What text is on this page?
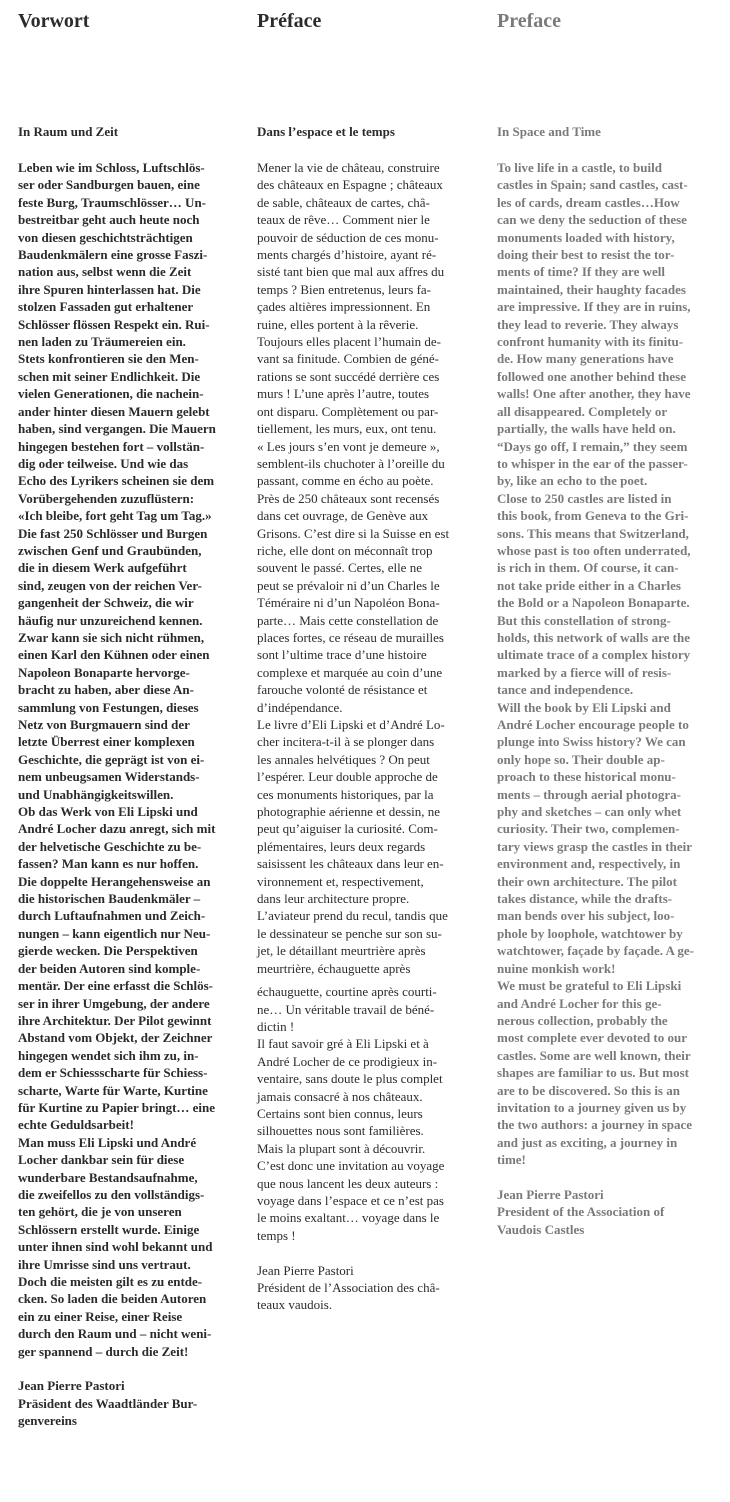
Vorwort
In Raum und Zeit
Leben wie im Schloss, Luftschlös-
ser oder Sandburgen bauen, eine
feste Burg, Traumschlösser… Un-
bestreitbar geht auch heute noch
von diesen geschichtsträchtigen
Baudenkmälern eine grosse Faszi-
nation aus, selbst wenn die Zeit
ihre Spuren hinterlassen hat. Die
stolzen Fassaden gut erhaltener
Schlösser flössen Respekt ein. Rui-
nen laden zu Träumereien ein.
Stets konfrontieren sie den Men-
schen mit seiner Endlichkeit. Die
vielen Generationen, die nachein-
ander hinter diesen Mauern gelebt
haben, sind vergangen. Die Mauern
hingegen bestehen fort – vollstän-
dig oder teilweise. Und wie das
Echo des Lyrikers scheinen sie dem
Vorübergehenden zuzuflüstern:
«Ich bleibe, fort geht Tag um Tag.»
Die fast 250 Schlösser und Burgen
zwischen Genf und Graubünden,
die in diesem Werk aufgeführt
sind, zeugen von der reichen Ver-
gangenheit der Schweiz, die wir
häufig nur unzureichend kennen.
Zwar kann sie sich nicht rühmen,
einen Karl den Kühnen oder einen
Napoleon Bonaparte hervorge-
bracht zu haben, aber diese An-
sammlung von Festungen, dieses
Netz von Burgmauern sind der
letzte Überrest einer komplexen
Geschichte, die geprägt ist von ei-
nem unbeugsamen Widerstands-
und Unabhängigkeitswillen.
Ob das Werk von Eli Lipski und
André Locher dazu anregt, sich mit
der helvetische Geschichte zu be-
fassen? Man kann es nur hoffen.
Die doppelte Herangehensweise an
die historischen Baudenkmäler –
durch Luftaufnahmen und Zeich-
nungen – kann eigentlich nur Neu-
gierde wecken. Die Perspektiven
der beiden Autoren sind komple-
mentär. Der eine erfasst die Schlös-
ser in ihrer Umgebung, der andere
ihre Architektur. Der Pilot gewinnt
Abstand vom Objekt, der Zeichner
hingegen wendet sich ihm zu, in-
dem er Schiessscharte für Schiess-
scharte, Warte für Warte, Kurtine
für Kurtine zu Papier bringt… eine
echte Geduldsarbeit!
Man muss Eli Lipski und André
Locher dankbar sein für diese
wunderbare Bestandsaufnahme,
die zweifellos zu den vollständigs-
ten gehört, die je von unseren
Schlössern erstellt wurde. Einige
unter ihnen sind wohl bekannt und
ihre Umrisse sind uns vertraut.
Doch die meisten gilt es zu entde-
cken. So laden die beiden Autoren
ein zu einer Reise, einer Reise
durch den Raum und – nicht weni-
ger spannend – durch die Zeit!
Jean Pierre Pastori
Präsident des Waadtländer Bur-
genvereins
Préface
Dans l’espace et le temps
Mener la vie de château, construire
des châteaux en Espagne ; châteaux
de sable, châteaux de cartes, châ-
teaux de rêve… Comment nier le
pouvoir de séduction de ces monu-
ments chargés d’histoire, ayant ré-
sisté tant bien que mal aux affres du
temps ? Bien entretenus, leurs fa-
çades altières impressionnent. En
ruine, elles portent à la rêverie.
Toujours elles placent l’humain de-
vant sa finitude. Combien de géné-
rations se sont succédé derrière ces
murs ! L’une après l’autre, toutes
ont disparu. Complètement ou par-
tiellement, les murs, eux, ont tenu.
« Les jours s’en vont je demeure »,
semblent-ils chuchoter à l’oreille du
passant, comme en écho au poète.
Près de 250 châteaux sont recensés
dans cet ouvrage, de Genève aux
Grisons. C’est dire si la Suisse en est
riche, elle dont on méconnaît trop
souvent le passé. Certes, elle ne
peut se prévaloir ni d’un Charles le
Téméraire ni d’un Napoléon Bona-
parte… Mais cette constellation de
places fortes, ce réseau de murailles
sont l’ultime trace d’une histoire
complexe et marquée au coin d’une
farouche volonté de résistance et
d’indépendance.
Le livre d’Eli Lipski et d’André Lo-
cher incitera-t-il à se plonger dans
les annales helvétiques ? On peut
l’espérer. Leur double approche de
ces monuments historiques, par la
photographie aérienne et dessin, ne
peut qu’aiguiser la curiosité. Com-
plémentaires, leurs deux regards
saisissent les châteaux dans leur en-
vironnement et, respectivement,
dans leur architecture propre.
L’aviateur prend du recul, tandis que
le dessinateur se penche sur son su-
jet, le détaillant meurtrière après
meurtrière, échauguette après
échauguette, courtine après courti-
ne… Un véritable travail de béné-
dictin !
Il faut savoir gré à Eli Lipski et à
André Locher de ce prodigieux in-
ventaire, sans doute le plus complet
jamais consacré à nos châteaux.
Certains sont bien connus, leurs
silhouettes nous sont familières.
Mais la plupart sont à découvrir.
C’est donc une invitation au voyage
que nous lancent les deux auteurs :
voyage dans l’espace et ce n’est pas
le moins exaltant… voyage dans le
temps !
Jean Pierre Pastori
Président de l’Association des châ-
teaux vaudois.
Preface
In Space and Time
To live life in a castle, to build
castles in Spain; sand castles, cast-
les of cards, dream castles…How
can we deny the seduction of these
monuments loaded with history,
doing their best to resist the tor-
ments of time? If they are well
maintained, their haughty facades
are impressive. If they are in ruins,
they lead to reverie. They always
confront humanity with its finitu-
de. How many generations have
followed one another behind these
walls! One after another, they have
all disappeared. Completely or
partially, the walls have held on.
“Days go off, I remain,” they seem
to whisper in the ear of the passer-
by, like an echo to the poet.
Close to 250 castles are listed in
this book, from Geneva to the Gri-
sons. This means that Switzerland,
whose past is too often underrated,
is rich in them. Of course, it can-
not take pride either in a Charles
the Bold or a Napoleon Bonaparte.
But this constellation of strong-
holds, this network of walls are the
ultimate trace of a complex history
marked by a fierce will of resis-
tance and independence.
Will the book by Eli Lipski and
André Locher encourage people to
plunge into Swiss history? We can
only hope so. Their double ap-
proach to these historical monu-
ments – through aerial photogra-
phy and sketches – can only whet
curiosity. Their two, complemen-
tary views grasp the castles in their
environment and, respectively, in
their own architecture. The pilot
takes distance, while the drafts-
man bends over his subject, loo-
phole by loophole, watchtower by
watchtower, façade by façade. A ge-
nuine monkish work!
We must be grateful to Eli Lipski
and André Locher for this ge-
nerous collection, probably the
most complete ever devoted to our
castles. Some are well known, their
shapes are familiar to us. But most
are to be discovered. So this is an
invitation to a journey given us by
the two authors: a journey in space
and just as exciting, a journey in
time!
Jean Pierre Pastori
President of the Association of
Vaudois Castles
